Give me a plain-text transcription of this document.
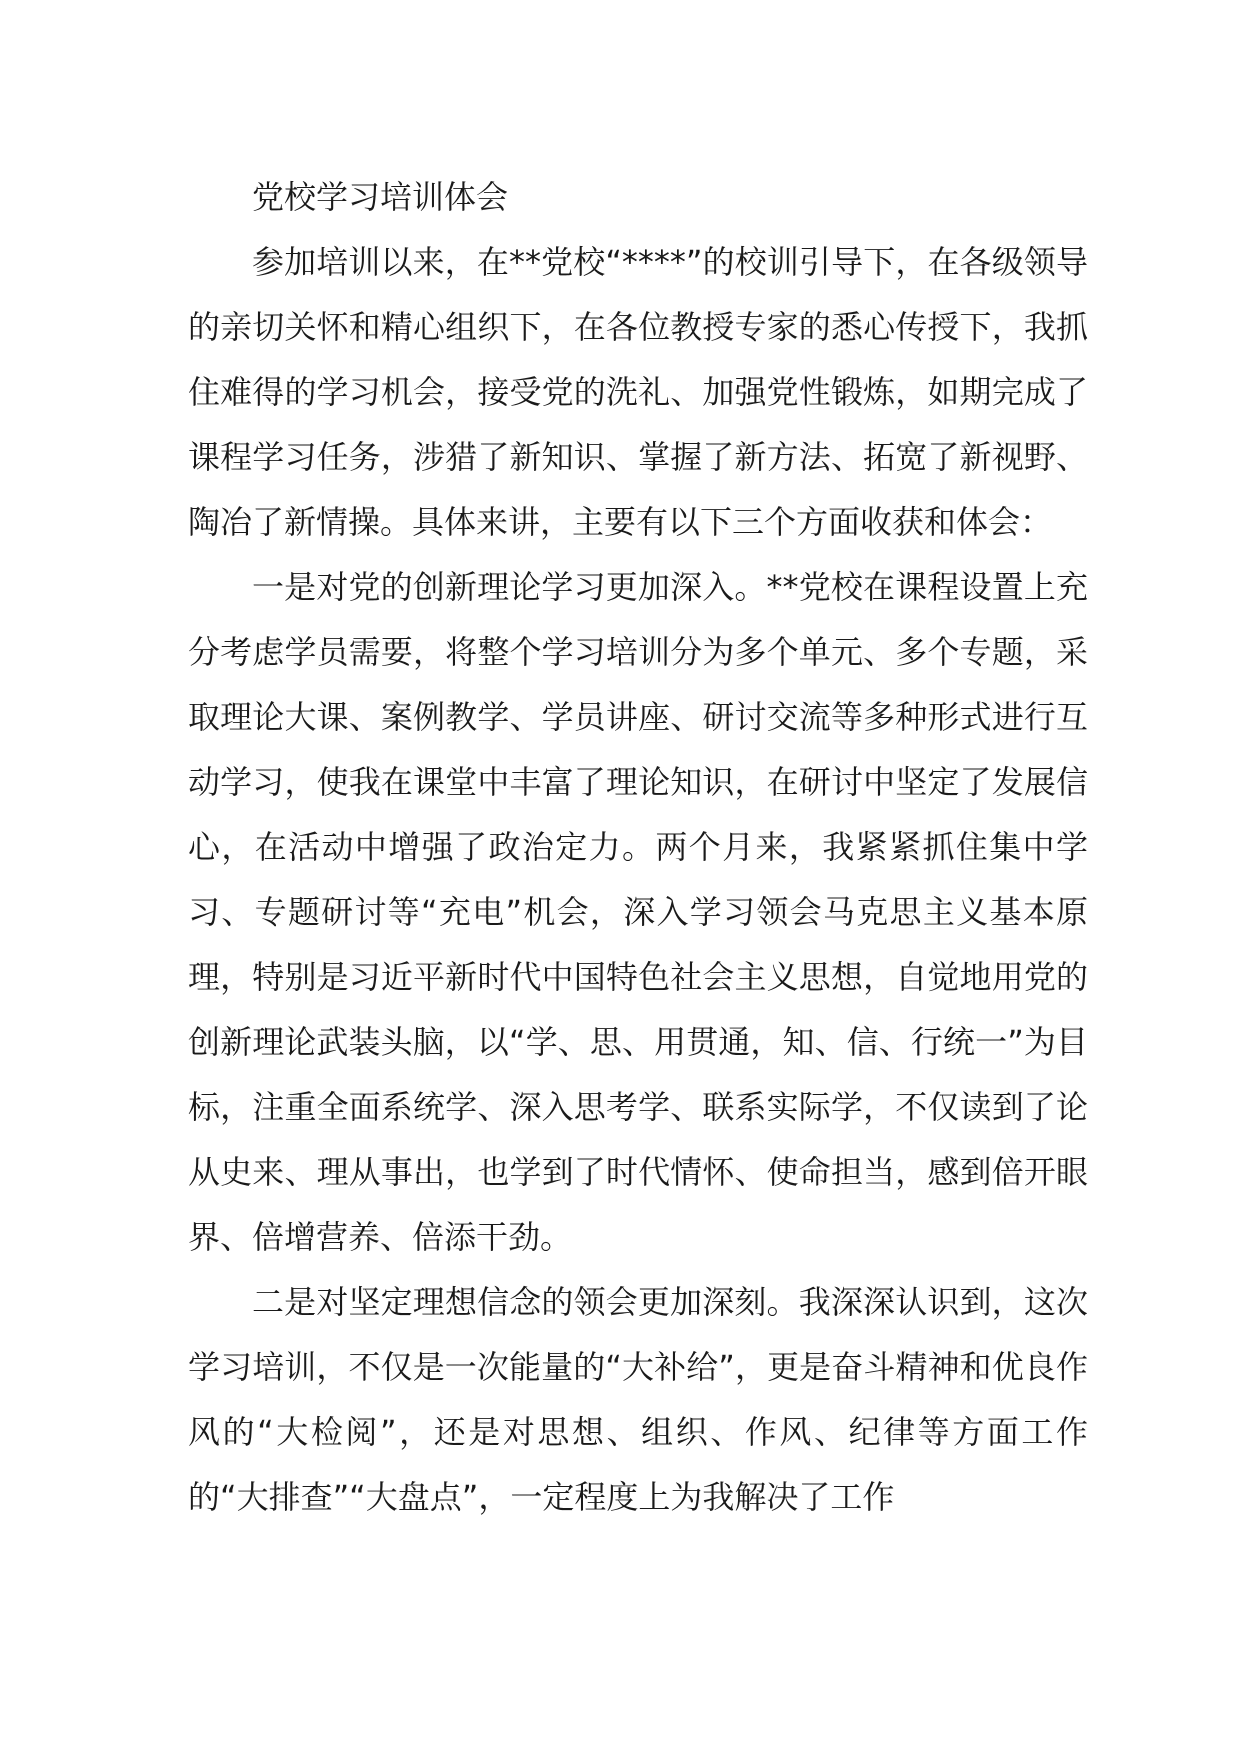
党校学习培训体会

参加培训以来，在**党校“****”的校训引导下，在各级领导的亲切关怀和精心组织下，在各位教授专家的悉心传授下，我抓住难得的学习机会，接受党的洗礼、加强党性锻炼，如期完成了课程学习任务，涉猎了新知识、掌握了新方法、拓宽了新视野、陶冶了新情操。具体来讲，主要有以下三个方面收获和体会：

一是对党的创新理论学习更加深入。**党校在课程设置上充分考虑学员需要，将整个学习培训分为多个单元、多个专题，采取理论大课、案例教学、学员讲座、研讨交流等多种形式进行互动学习，使我在课堂中丰富了理论知识，在研讨中坚定了发展信心，在活动中增强了政治定力。两个月来，我紧紧抓住集中学习、专题研讨等“充电”机会，深入学习领会马克思主义基本原理，特别是习近平新时代中国特色社会主义思想，自觉地用党的创新理论武装头脑，以“学、思、用贯通，知、信、行统一”为目标，注重全面系统学、深入思考学、联系实际学，不仅读到了论从史来、理从事出，也学到了时代情怀、使命担当，感到倍开眼界、倍增营养、倍添干劲。

二是对坚定理想信念的领会更加深刻。我深深认识到，这次学习培训，不仅是一次能量的“大补给”，更是奋斗精神和优良作风的“大检阅”，还是对思想、组织、作风、纪律等方面工作的“大排查”“大盘点”，一定程度上为我解决了工作
